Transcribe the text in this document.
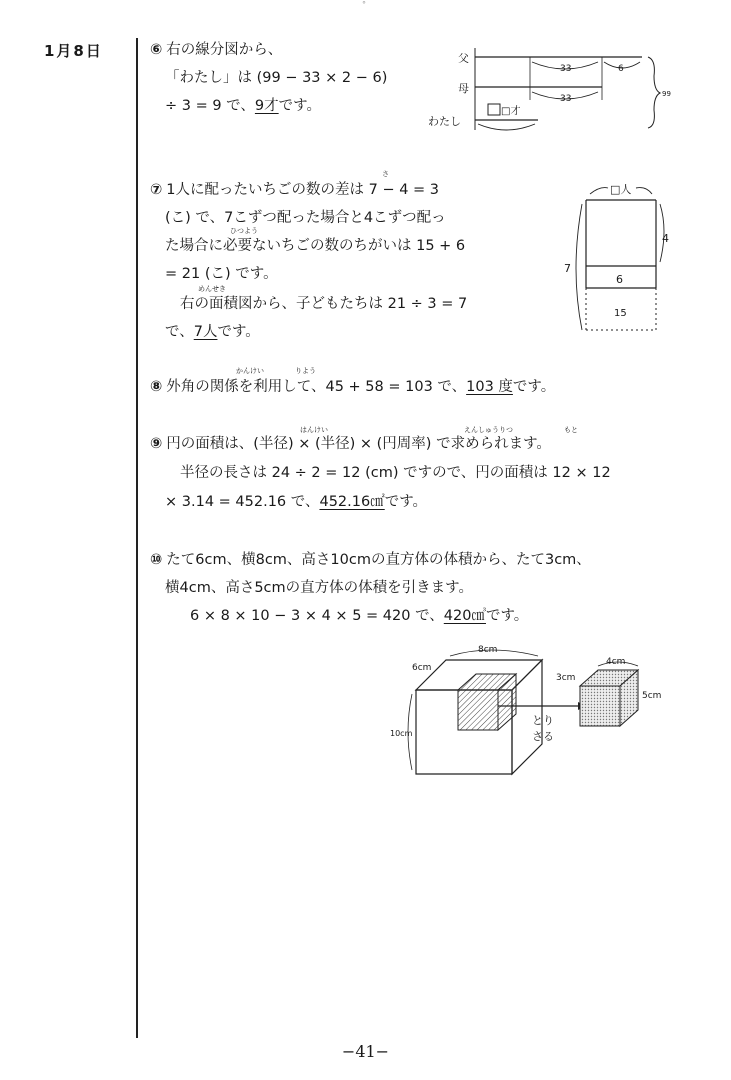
°
1月8日	⑥ 右の線分図から、
「わたし」は (99 − 33 × 2 − 6)
÷ 3 = 9 で、9才です。
父
母
わたし
33	6
33
□才
99
さ
⑦ 1人に配ったいちごの数の差は 7 − 4 = 3
(こ) で、7こずつ配った場合と4こずつ配っ
ひつよう
た場合に必要ないちごの数のちがいは 15 + 6
= 21 (こ) です。
めんせき
右の面積図から、子どもたちは 21 ÷ 3 = 7
で、7人です。
□人
4
7
6
15
かんけい	りよう
⑧ 外角の関係を利用して、45 + 58 = 103 で、103 度です。
はんけい	えんしゅうりつ	もと
⑨ 円の面積は、(半径) × (半径) × (円周率) で求められます。
半径の長さは 24 ÷ 2 = 12 (cm) ですので、円の面積は 12 × 12
× 3.14 = 452.16 で、452.16㎠です。
⑩ たて6cm、横8cm、高さ10cmの直方体の体積から、たて3cm、
横4cm、高さ5cmの直方体の体積を引きます。
6 × 8 × 10 − 3 × 4 × 5 = 420 で、420㎤です。
とり
さる
8cm
6cm
10cm
3cm
4cm
5cm
−41−
